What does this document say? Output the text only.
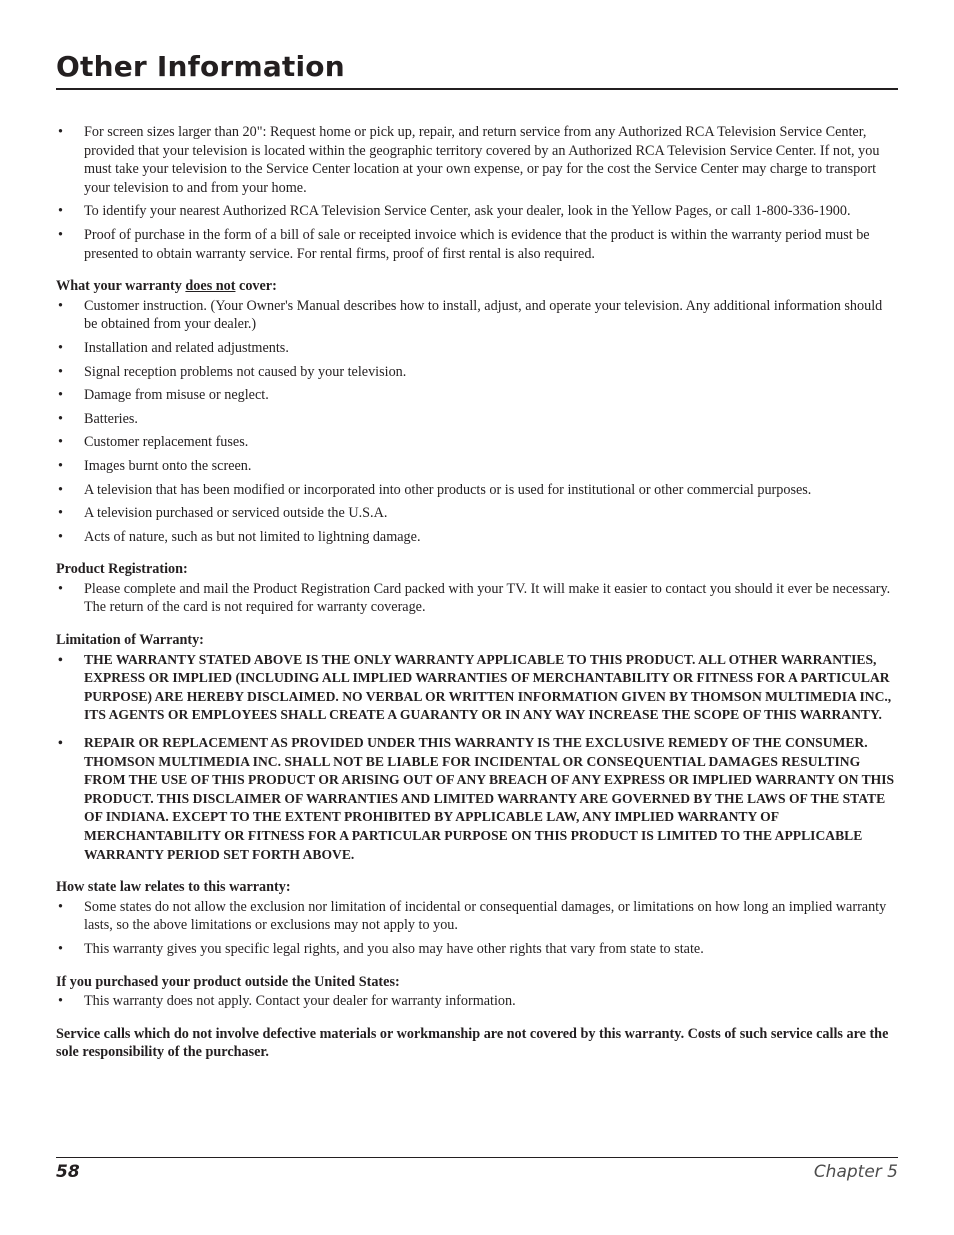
Other Information
• For screen sizes larger than 20": Request home or pick up, repair, and return service from any Authorized RCA Television Service Center, provided that your television is located within the geographic territory covered by an Authorized RCA Television Service Center. If not, you must take your television to the Service Center location at your own expense, or pay for the cost the Service Center may charge to transport your television to and from your home.
• To identify your nearest Authorized RCA Television Service Center, ask your dealer, look in the Yellow Pages, or call 1-800-336-1900.
• Proof of purchase in the form of a bill of sale or receipted invoice which is evidence that the product is within the warranty period must be presented to obtain warranty service. For rental firms, proof of first rental is also required.
What your warranty does not cover:
• Customer instruction. (Your Owner's Manual describes how to install, adjust, and operate your television. Any additional information should be obtained from your dealer.)
• Installation and related adjustments.
• Signal reception problems not caused by your television.
• Damage from misuse or neglect.
• Batteries.
• Customer replacement fuses.
• Images burnt onto the screen.
• A television that has been modified or incorporated into other products or is used for institutional or other commercial purposes.
• A television purchased or serviced outside the U.S.A.
• Acts of nature, such as but not limited to lightning damage.
Product Registration:
• Please complete and mail the Product Registration Card packed with your TV. It will make it easier to contact you should it ever be necessary. The return of the card is not required for warranty coverage.
Limitation of Warranty:
• THE WARRANTY STATED ABOVE IS THE ONLY WARRANTY APPLICABLE TO THIS PRODUCT. ALL OTHER WARRANTIES, EXPRESS OR IMPLIED (INCLUDING ALL IMPLIED WARRANTIES OF MERCHANTABILITY OR FITNESS FOR A PARTICULAR PURPOSE) ARE HEREBY DISCLAIMED. NO VERBAL OR WRITTEN INFORMATION GIVEN BY THOMSON MULTIMEDIA INC., ITS AGENTS OR EMPLOYEES SHALL CREATE A GUARANTY OR IN ANY WAY INCREASE THE SCOPE OF THIS WARRANTY.
• REPAIR OR REPLACEMENT AS PROVIDED UNDER THIS WARRANTY IS THE EXCLUSIVE REMEDY OF THE CONSUMER. THOMSON MULTIMEDIA INC. SHALL NOT BE LIABLE FOR INCIDENTAL OR CONSEQUENTIAL DAMAGES RESULTING FROM THE USE OF THIS PRODUCT OR ARISING OUT OF ANY BREACH OF ANY EXPRESS OR IMPLIED WARRANTY ON THIS PRODUCT. THIS DISCLAIMER OF WARRANTIES AND LIMITED WARRANTY ARE GOVERNED BY THE LAWS OF THE STATE OF INDIANA. EXCEPT TO THE EXTENT PROHIBITED BY APPLICABLE LAW, ANY IMPLIED WARRANTY OF MERCHANTABILITY OR FITNESS FOR A PARTICULAR PURPOSE ON THIS PRODUCT IS LIMITED TO THE APPLICABLE WARRANTY PERIOD SET FORTH ABOVE.
How state law relates to this warranty:
• Some states do not allow the exclusion nor limitation of incidental or consequential damages, or limitations on how long an implied warranty lasts, so the above limitations or exclusions may not apply to you.
• This warranty gives you specific legal rights, and you also may have other rights that vary from state to state.
If you purchased your product outside the United States:
• This warranty does not apply. Contact your dealer for warranty information.
Service calls which do not involve defective materials or workmanship are not covered by this warranty. Costs of such service calls are the sole responsibility of the purchaser.
58	Chapter 5
